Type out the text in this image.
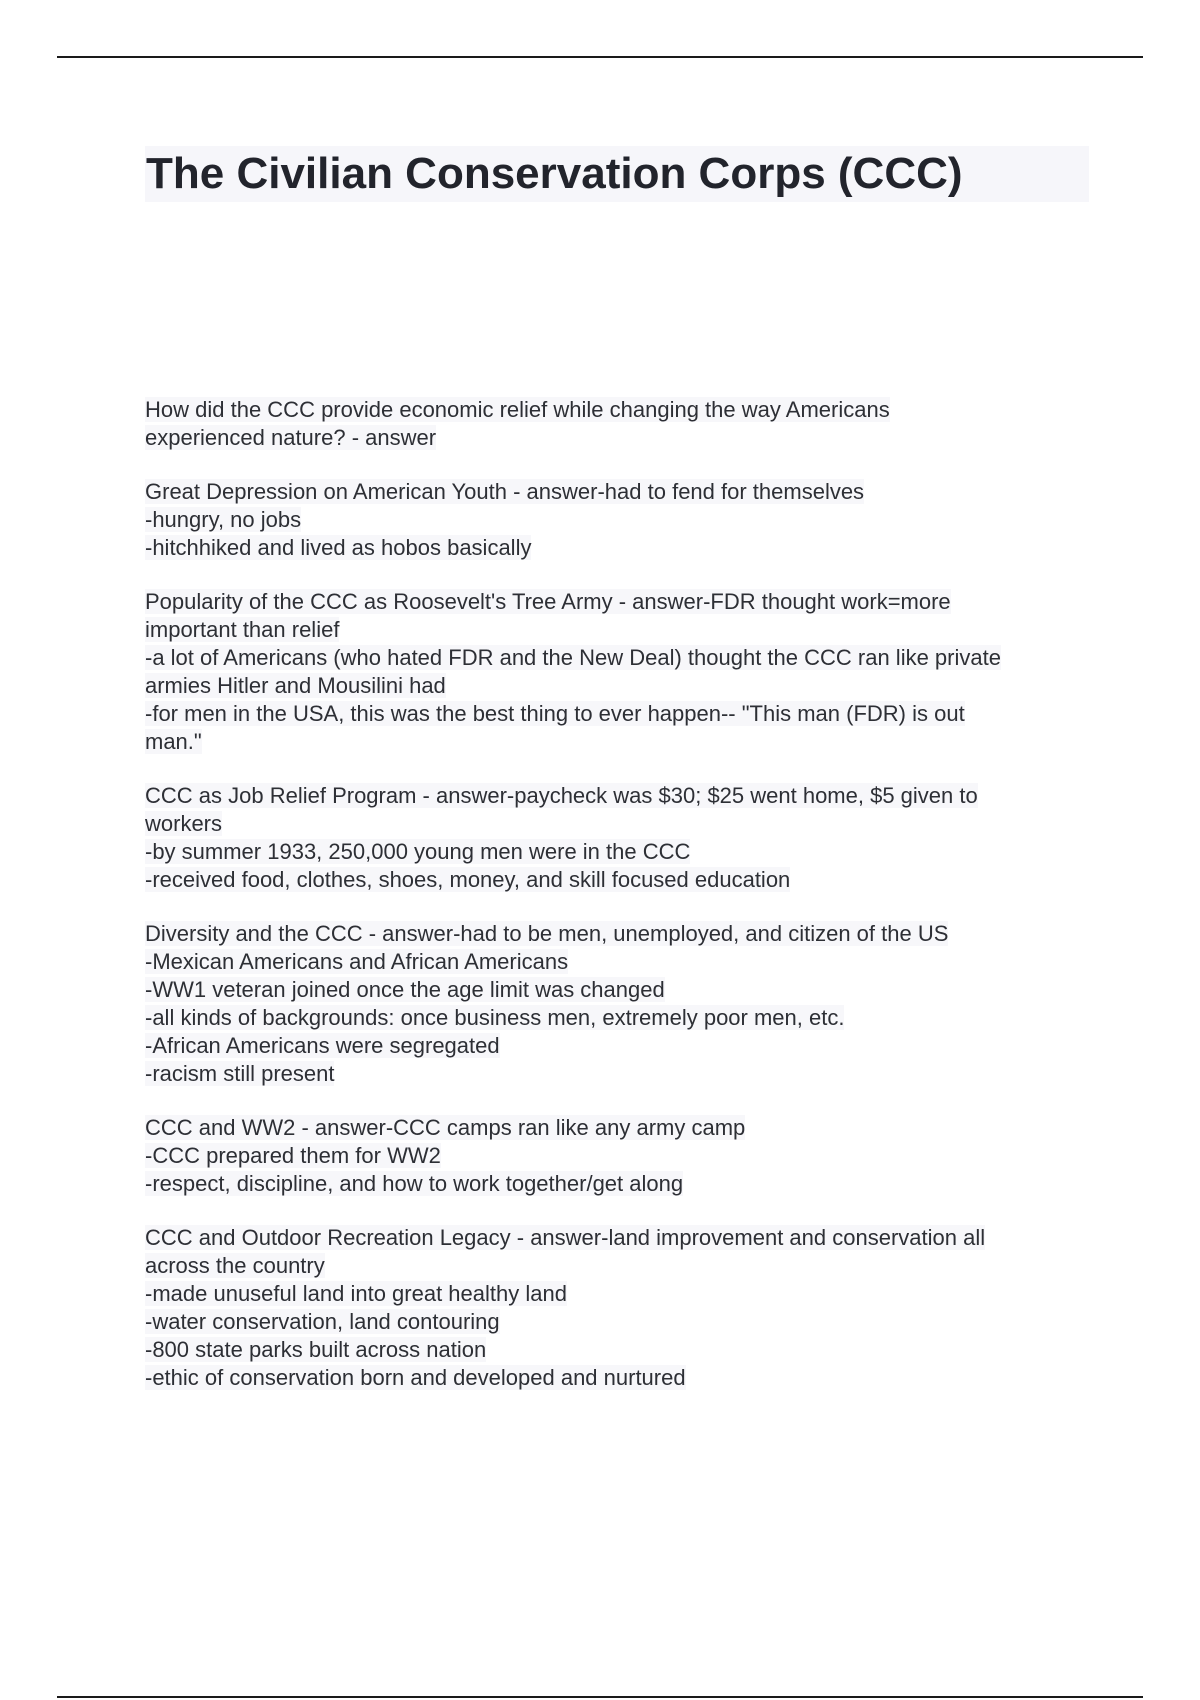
The Civilian Conservation Corps (CCC)
How did the CCC provide economic relief while changing the way Americans
experienced nature? - answer
Great Depression on American Youth - answer-had to fend for themselves
-hungry, no jobs
-hitchhiked and lived as hobos basically
Popularity of the CCC as Roosevelt's Tree Army - answer-FDR thought work=more
important than relief
-a lot of Americans (who hated FDR and the New Deal) thought the CCC ran like private
armies Hitler and Mousilini had
-for men in the USA, this was the best thing to ever happen-- "This man (FDR) is out
man."
CCC as Job Relief Program - answer-paycheck was $30; $25 went home, $5 given to
workers
-by summer 1933, 250,000 young men were in the CCC
-received food, clothes, shoes, money, and skill focused education
Diversity and the CCC - answer-had to be men, unemployed, and citizen of the US
-Mexican Americans and African Americans
-WW1 veteran joined once the age limit was changed
-all kinds of backgrounds: once business men, extremely poor men, etc.
-African Americans were segregated
-racism still present
CCC and WW2 - answer-CCC camps ran like any army camp
-CCC prepared them for WW2
-respect, discipline, and how to work together/get along
CCC and Outdoor Recreation Legacy - answer-land improvement and conservation all
across the country
-made unuseful land into great healthy land
-water conservation, land contouring
-800 state parks built across nation
-ethic of conservation born and developed and nurtured
